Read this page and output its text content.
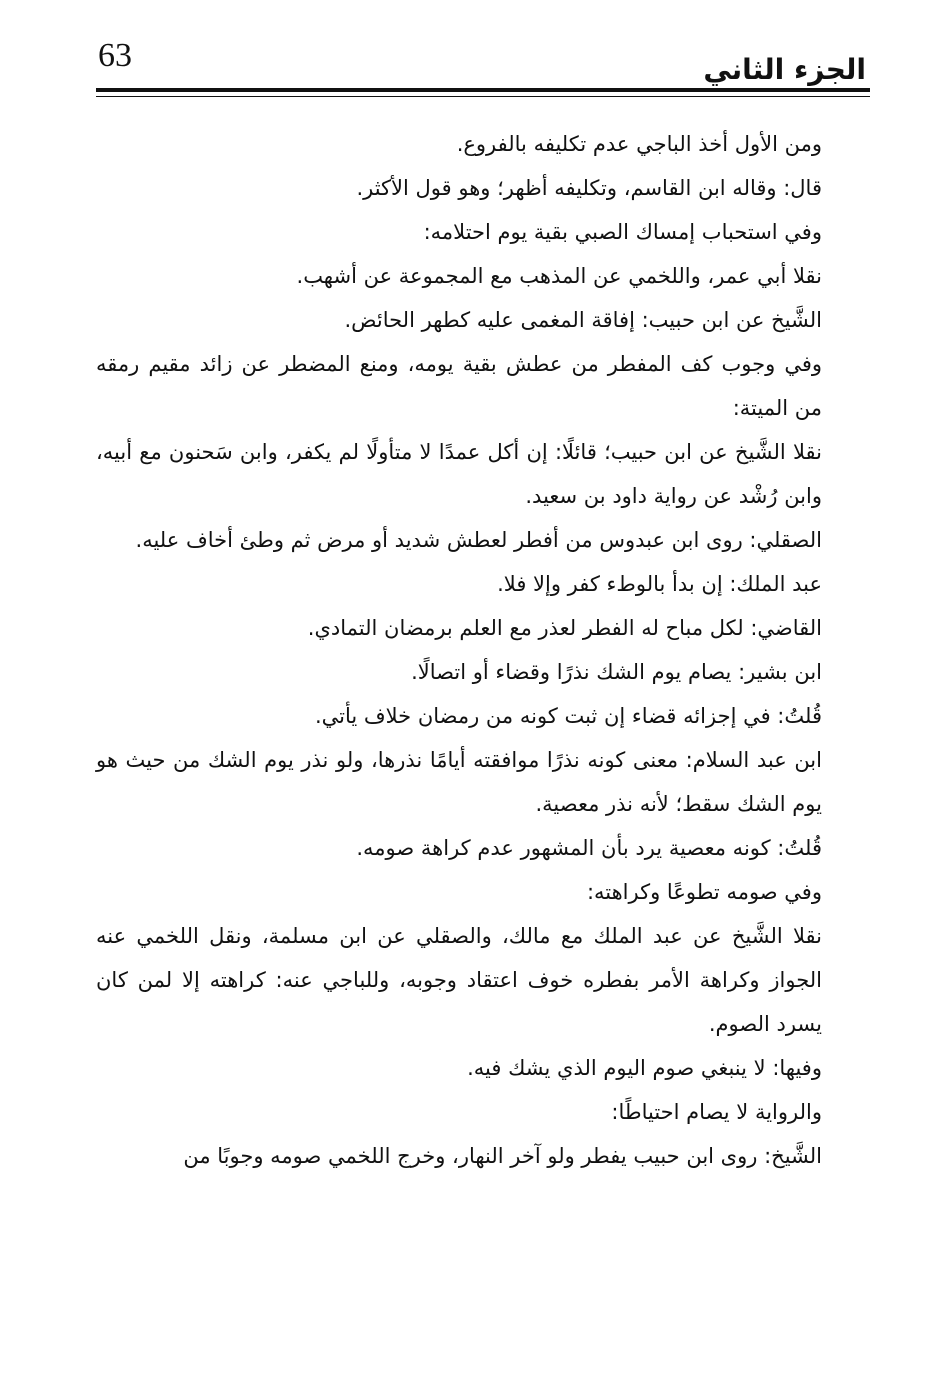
63	الجزء الثاني

ومن الأول أخذ الباجي عدم تكليفه بالفروع.

قال: وقاله ابن القاسم، وتكليفه أظهر؛ وهو قول الأكثر.

وفي استحباب إمساك الصبي بقية يوم احتلامه:

نقلا أبي عمر، واللخمي عن المذهب مع المجموعة عن أشهب.

الشَّيخ عن ابن حبيب: إفاقة المغمى عليه كطهر الحائض.

وفي وجوب كف المفطر من عطش بقية يومه، ومنع المضطر عن زائد مقيم رمقه من الميتة:

نقلا الشَّيخ عن ابن حبيب؛ قائلًا: إن أكل عمدًا لا متأولًا لم يكفر، وابن سَحنون مع أبيه، وابن رُشْد عن رواية داود بن سعيد.

الصقلي: روى ابن عبدوس من أفطر لعطش شديد أو مرض ثم وطئ أخاف عليه.

عبد الملك: إن بدأ بالوطء كفر وإلا فلا.

القاضي: لكل مباح له الفطر لعذر مع العلم برمضان التمادي.

ابن بشير: يصام يوم الشك نذرًا وقضاء أو اتصالًا.

قُلتُ: في إجزائه قضاء إن ثبت كونه من رمضان خلاف يأتي.

ابن عبد السلام: معنى كونه نذرًا موافقته أيامًا نذرها، ولو نذر يوم الشك من حيث هو يوم الشك سقط؛ لأنه نذر معصية.

قُلتُ: كونه معصية يرد بأن المشهور عدم كراهة صومه.

وفي صومه تطوعًا وكراهته:

نقلا الشَّيخ عن عبد الملك مع مالك، والصقلي عن ابن مسلمة، ونقل اللخمي عنه الجواز وكراهة الأمر بفطره خوف اعتقاد وجوبه، وللباجي عنه: كراهته إلا لمن كان يسرد الصوم.

وفيها: لا ينبغي صوم اليوم الذي يشك فيه.

والرواية لا يصام احتياطًا:

الشَّيخ: روى ابن حبيب يفطر ولو آخر النهار، وخرج اللخمي صومه وجوبًا من
